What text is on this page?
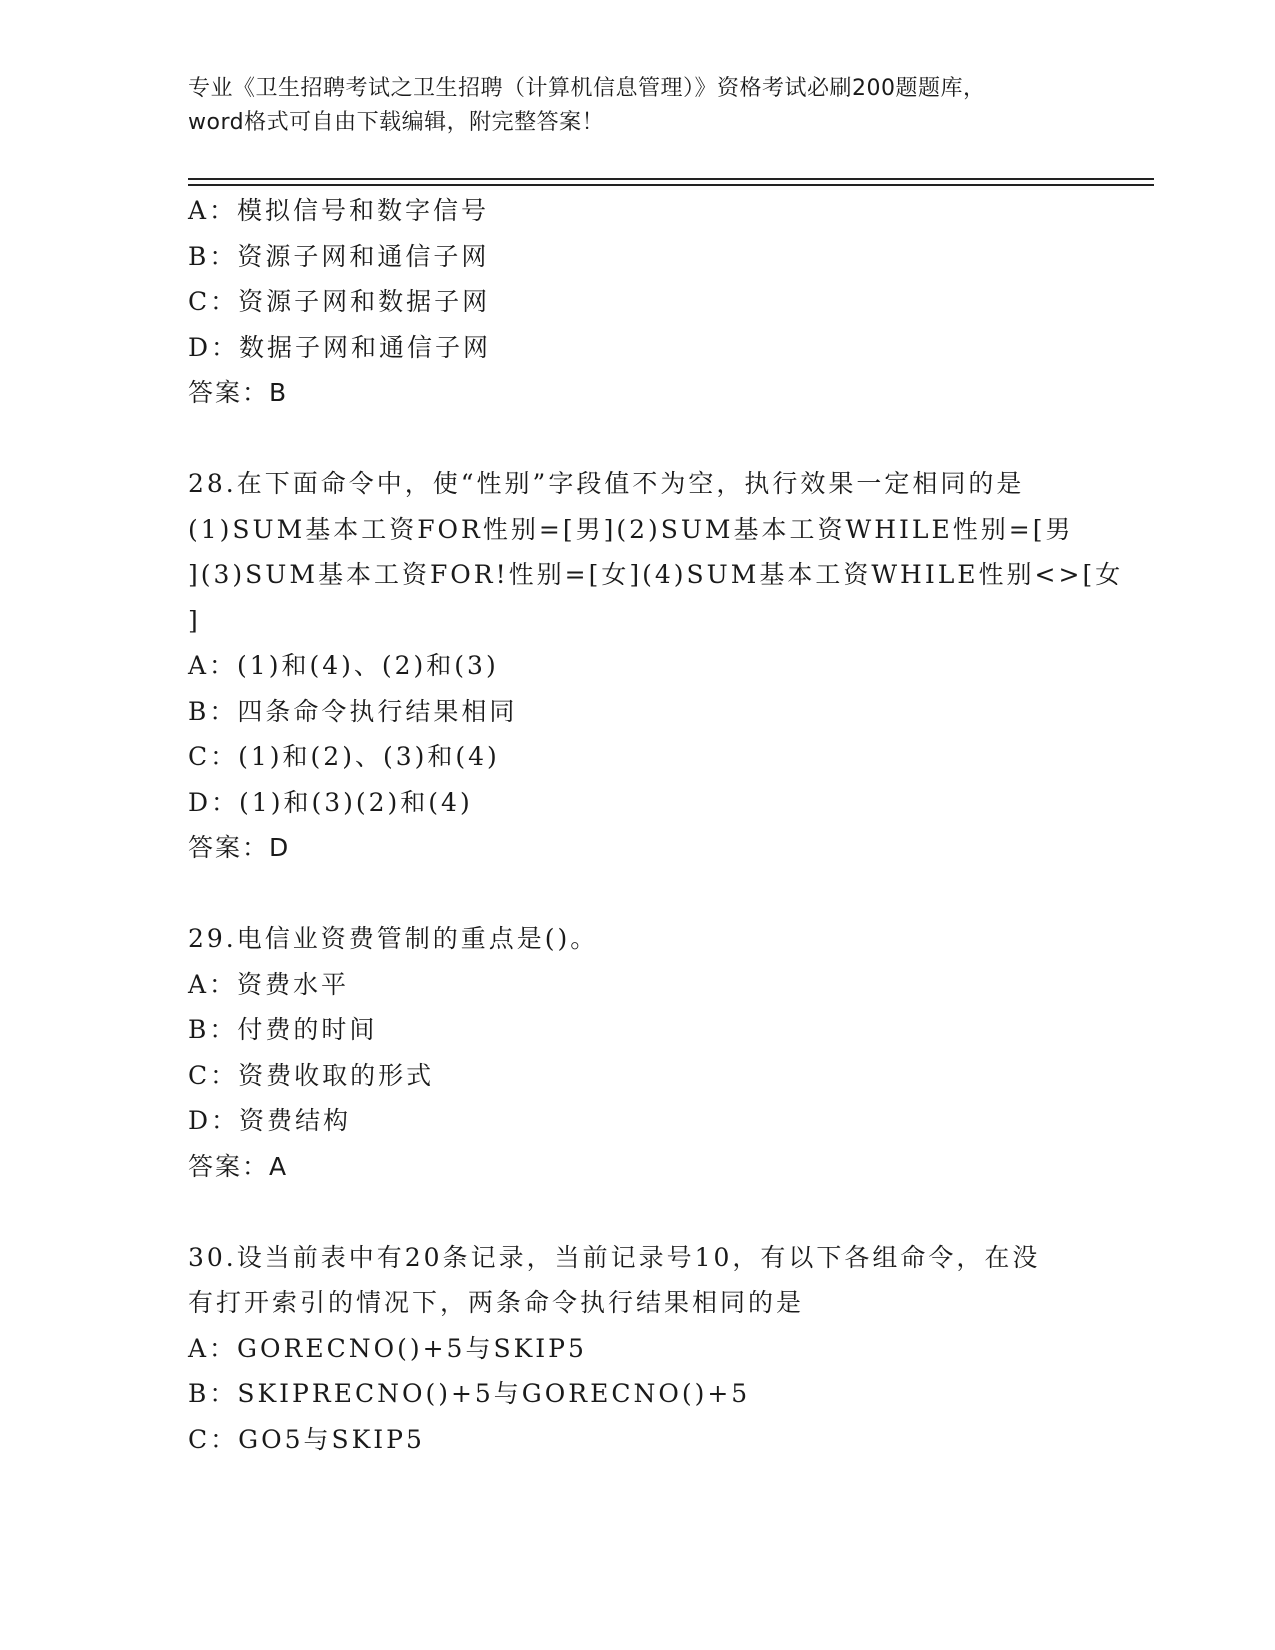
专业《卫生招聘考试之卫生招聘（计算机信息管理）》资格考试必刷200题题库，
word格式可自由下载编辑，附完整答案！
A：模拟信号和数字信号
B：资源子网和通信子网
C：资源子网和数据子网
D：数据子网和通信子网
答案：B
28.在下面命令中，使“性别”字段值不为空，执行效果一定相同的是
(1)SUM基本工资FOR性别=[男](2)SUM基本工资WHILE性别=[男
](3)SUM基本工资FOR!性别=[女](4)SUM基本工资WHILE性别<>[女
]
A：(1)和(4)、(2)和(3)
B：四条命令执行结果相同
C：(1)和(2)、(3)和(4)
D：(1)和(3)(2)和(4)
答案：D
29.电信业资费管制的重点是()。
A：资费水平
B：付费的时间
C：资费收取的形式
D：资费结构
答案：A
30.设当前表中有20条记录，当前记录号10，有以下各组命令，在没
有打开索引的情况下，两条命令执行结果相同的是
A：GORECNO()+5与SKIP5
B：SKIPRECNO()+5与GORECNO()+5
C：GO5与SKIP5
